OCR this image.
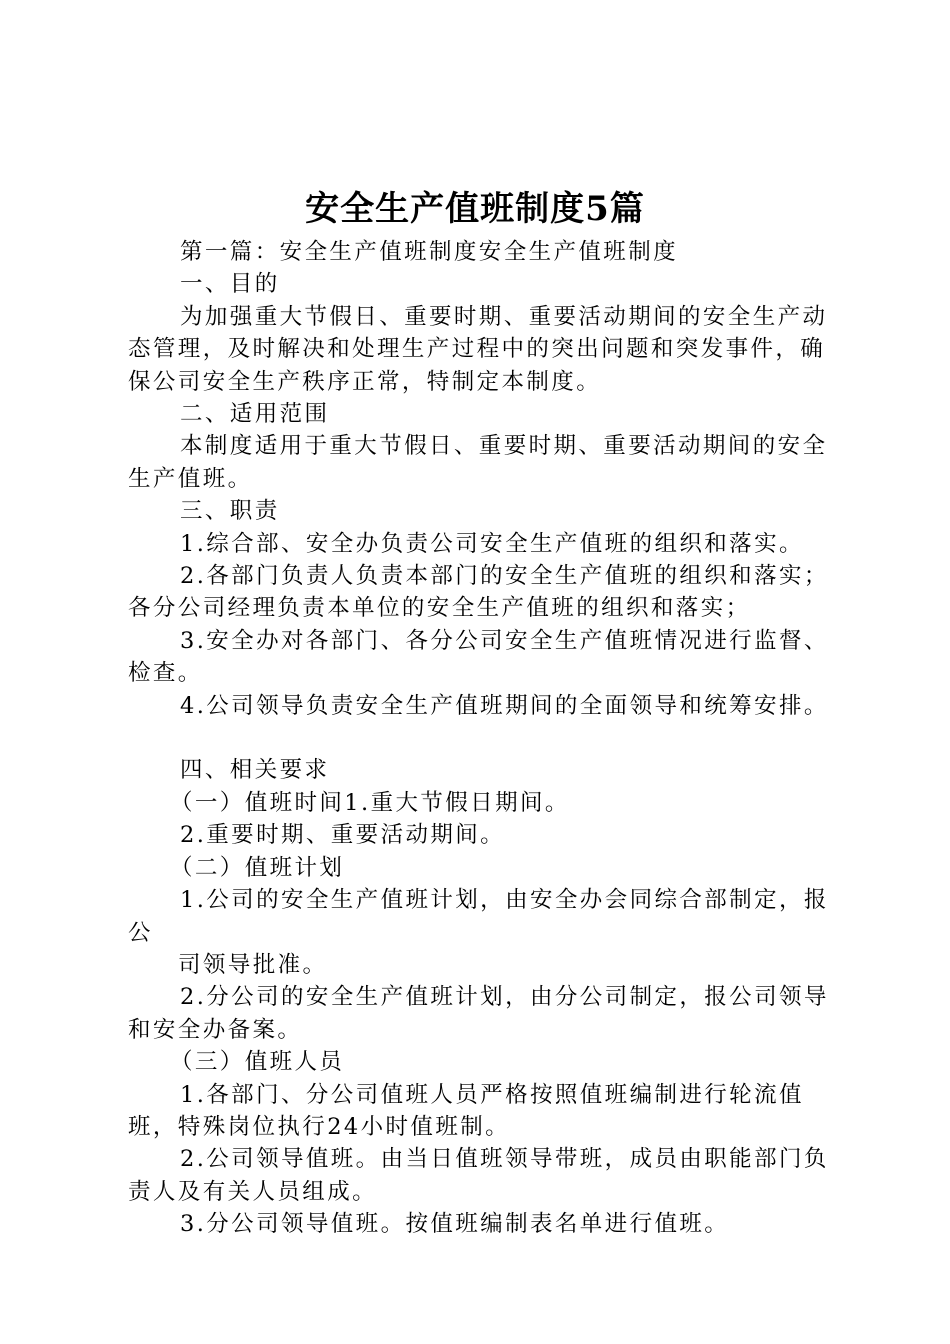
安全生产值班制度5篇

第一篇：安全生产值班制度安全生产值班制度

一、目的

为加强重大节假日、重要时期、重要活动期间的安全生产动态管理，及时解决和处理生产过程中的突出问题和突发事件，确保公司安全生产秩序正常，特制定本制度。

二、适用范围

本制度适用于重大节假日、重要时期、重要活动期间的安全生产值班。

三、职责

1.综合部、安全办负责公司安全生产值班的组织和落实。

2.各部门负责人负责本部门的安全生产值班的组织和落实；各分公司经理负责本单位的安全生产值班的组织和落实；

3.安全办对各部门、各分公司安全生产值班情况进行监督、检查。

4.公司领导负责安全生产值班期间的全面领导和统筹安排。

四、相关要求

（一）值班时间1.重大节假日期间。

2.重要时期、重要活动期间。

（二）值班计划

1.公司的安全生产值班计划，由安全办会同综合部制定，报公

司领导批准。

2.分公司的安全生产值班计划，由分公司制定，报公司领导和安全办备案。

（三）值班人员

1.各部门、分公司值班人员严格按照值班编制进行轮流值班，特殊岗位执行24小时值班制。

2.公司领导值班。由当日值班领导带班，成员由职能部门负责人及有关人员组成。

3.分公司领导值班。按值班编制表名单进行值班。
